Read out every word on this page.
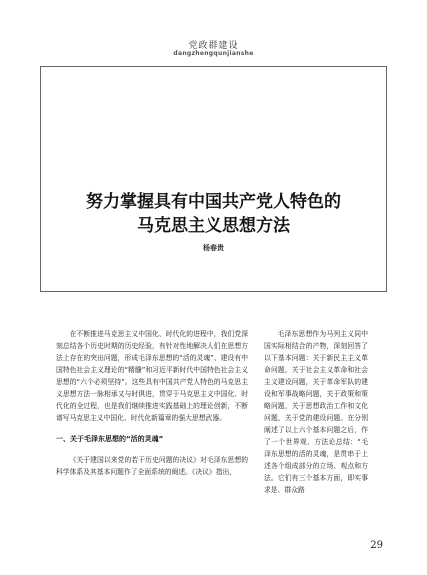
党政群建设
dangzhengqunjianshe
努力掌握具有中国共产党人特色的
马克思主义思想方法
杨春贵

在不断推进马克思主义中国化、时代化的进程中，我们党深刻总结各个历史时期的历史经验，有针对性地解决人们在思想方法上存在的突出问题，形成毛泽东思想的“活的灵魂”、建设有中国特色社会主义理论的“精髓”和习近平新时代中国特色社会主义思想的“六个必须坚持”。这些具有中国共产党人特色的马克思主义思想方法一脉相承又与时俱进，贯穿于马克思主义中国化、时代化的全过程，也是我们继续推进实践基础上的理论创新，不断谱写马克思主义中国化、时代化新篇章的强大思想武器。

一、关于毛泽东思想的“活的灵魂”

《关于建国以来党的若干历史问题的决议》对毛泽东思想的科学体系及其基本问题作了全面系统的阐述。《决议》指出，

毛泽东思想作为马列主义同中国实际相结合的产物，深刻回答了以下基本问题：关于新民主主义革命问题，关于社会主义革命和社会主义建设问题，关于革命军队的建设和军事战略问题，关于政策和策略问题，关于思想政治工作和文化问题，关于党的建设问题。在分别阐述了以上六个基本问题之后，作了一个世界观、方法论总结：“毛泽东思想的活的灵魂，是贯串于上述各个组成部分的立场、观点和方法。它们有三个基本方面，即实事求是、群众路

29
